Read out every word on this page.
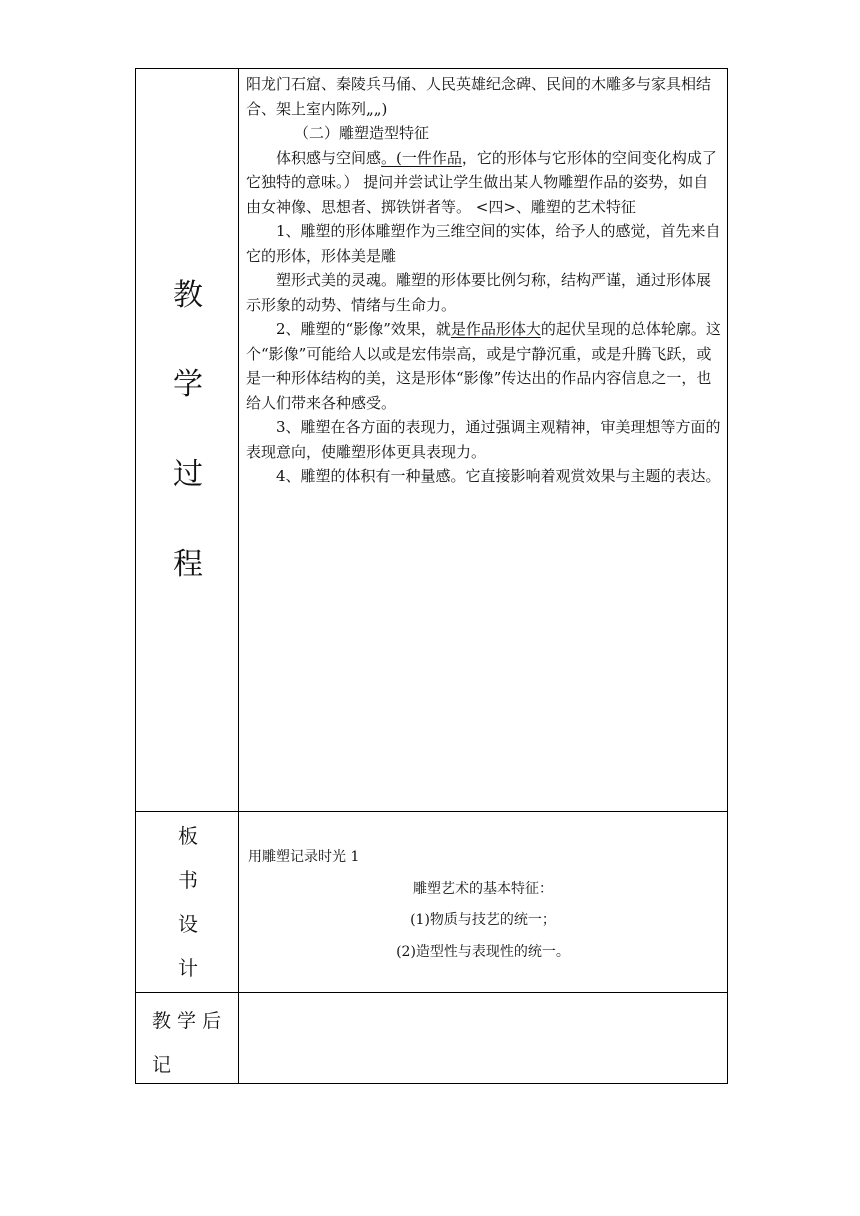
教
学
过
程

阳龙门石窟、秦陵兵马俑、人民英雄纪念碑、民间的木雕多与家具相结合、架上室内陈列„„)

（二）雕塑造型特征

体积感与空间感。(一件作品，它的形体与它形体的空间变化构成了它独特的意味。） 提问并尝试让学生做出某人物雕塑作品的姿势，如自由女神像、思想者、掷铁饼者等。 <四>、雕塑的艺术特征

1、雕塑的形体雕塑作为三维空间的实体，给予人的感觉，首先来自它的形体，形体美是雕

塑形式美的灵魂。雕塑的形体要比例匀称，结构严谨，通过形体展示形象的动势、情绪与生命力。

2、雕塑的“影像”效果，就是作品形体大的起伏呈现的总体轮廓。这个“影像”可能给人以或是宏伟崇高，或是宁静沉重，或是升腾飞跃，或是一种形体结构的美，这是形体“影像”传达出的作品内容信息之一，也给人们带来各种感受。

3、雕塑在各方面的表现力，通过强调主观精神，审美理想等方面的表现意向，使雕塑形体更具表现力。

4、雕塑的体积有一种量感。它直接影响着观赏效果与主题的表达。

板
书
设
计
用雕塑记录时光 1
雕塑艺术的基本特征：
(1)物质与技艺的统一；
(2)造型性与表现性的统一。
教 学 后
记
